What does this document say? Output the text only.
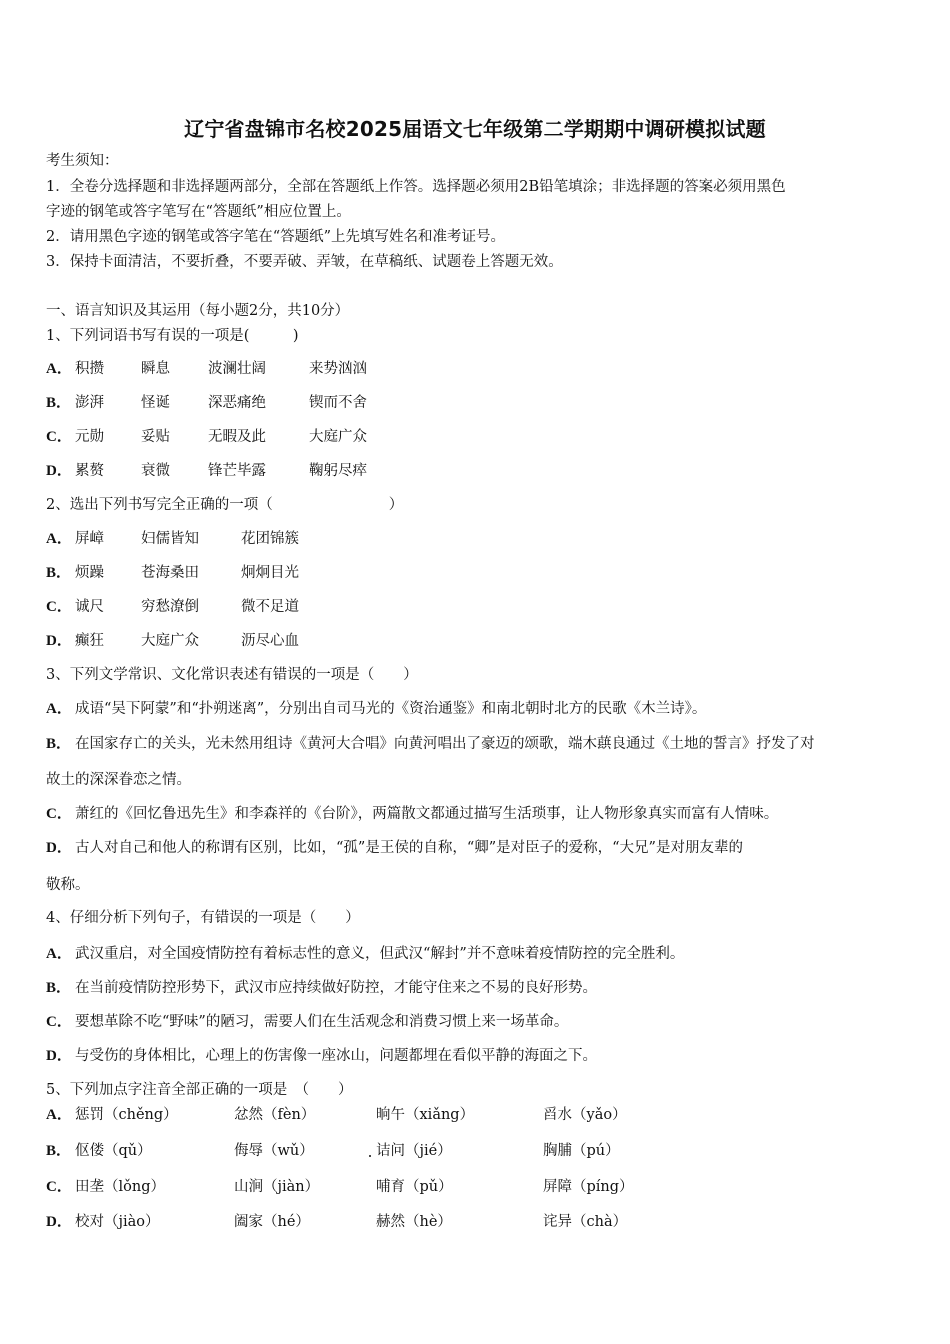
辽宁省盘锦市名校2025届语文七年级第二学期期中调研模拟试题
考生须知：
1．全卷分选择题和非选择题两部分，全部在答题纸上作答。选择题必须用2B铅笔填涂；非选择题的答案必须用黑色
字迹的钢笔或答字笔写在“答题纸”相应位置上。
2．请用黑色字迹的钢笔或答字笔在“答题纸”上先填写姓名和准考证号。
3．保持卡面清洁，不要折叠，不要弄破、弄皱，在草稿纸、试题卷上答题无效。
一、语言知识及其运用（每小题2分，共10分）
1、下列词语书写有误的一项是(　　　)
A． 积攒	瞬息	波澜壮阔	来势汹汹
B． 澎湃	怪诞	深恶痛绝	锲而不舍
C． 元勋	妥贴	无暇及此	大庭广众
D． 累赘	衰微	锋芒毕露	鞠躬尽瘁
2、选出下列书写完全正确的一项（　　　　　　　　）
A． 屏嶂	妇儒皆知	花团锦簇
B． 烦躁	苍海桑田	炯炯目光
C． 诚尺	穷愁潦倒	微不足道
D． 癫狂	大庭广众	沥尽心血
3、下列文学常识、文化常识表述有错误的一项是（　　）
A． 成语“吴下阿蒙”和“扑朔迷离”，分别出自司马光的《资治通鉴》和南北朝时北方的民歌《木兰诗》。
B． 在国家存亡的关头，光未然用组诗《黄河大合唱》向黄河唱出了豪迈的颂歌，端木蕻良通过《土地的誓言》抒发了对
故土的深深眷恋之情。
C． 萧红的《回忆鲁迅先生》和李森祥的《台阶》，两篇散文都通过描写生活琐事，让人物形象真实而富有人情味。
D． 古人对自己和他人的称谓有区别，比如，“孤”是王侯的自称，“卿”是对臣子的爱称，“大兄”是对朋友辈的
敬称。
4、仔细分析下列句子，有错误的一项是（　　）
A． 武汉重启，对全国疫情防控有着标志性的意义，但武汉“解封”并不意味着疫情防控的完全胜利。
B． 在当前疫情防控形势下，武汉市应持续做好防控，才能守住来之不易的良好形势。
C． 要想革除不吃“野味”的陋习，需要人们在生活观念和消费习惯上来一场革命。
D． 与受伤的身体相比，心理上的伤害像一座冰山，问题都埋在看似平静的海面之下。
5、下列加点字注音全部正确的一项是　（　　）
A． 惩罚（chěng）	忿然（fèn）	晌午（xiǎng）	舀水（yǎo）
B． 伛偻（qǔ）	侮辱（wǔ）	诘问（jié）	胸脯（pú）
C． 田垄（lǒng）	山涧（jiàn）	哺育（pǔ）	屏障（píng）
D． 校对（jiào）	阖家（hé）	赫然（hè）	诧异（chà）
